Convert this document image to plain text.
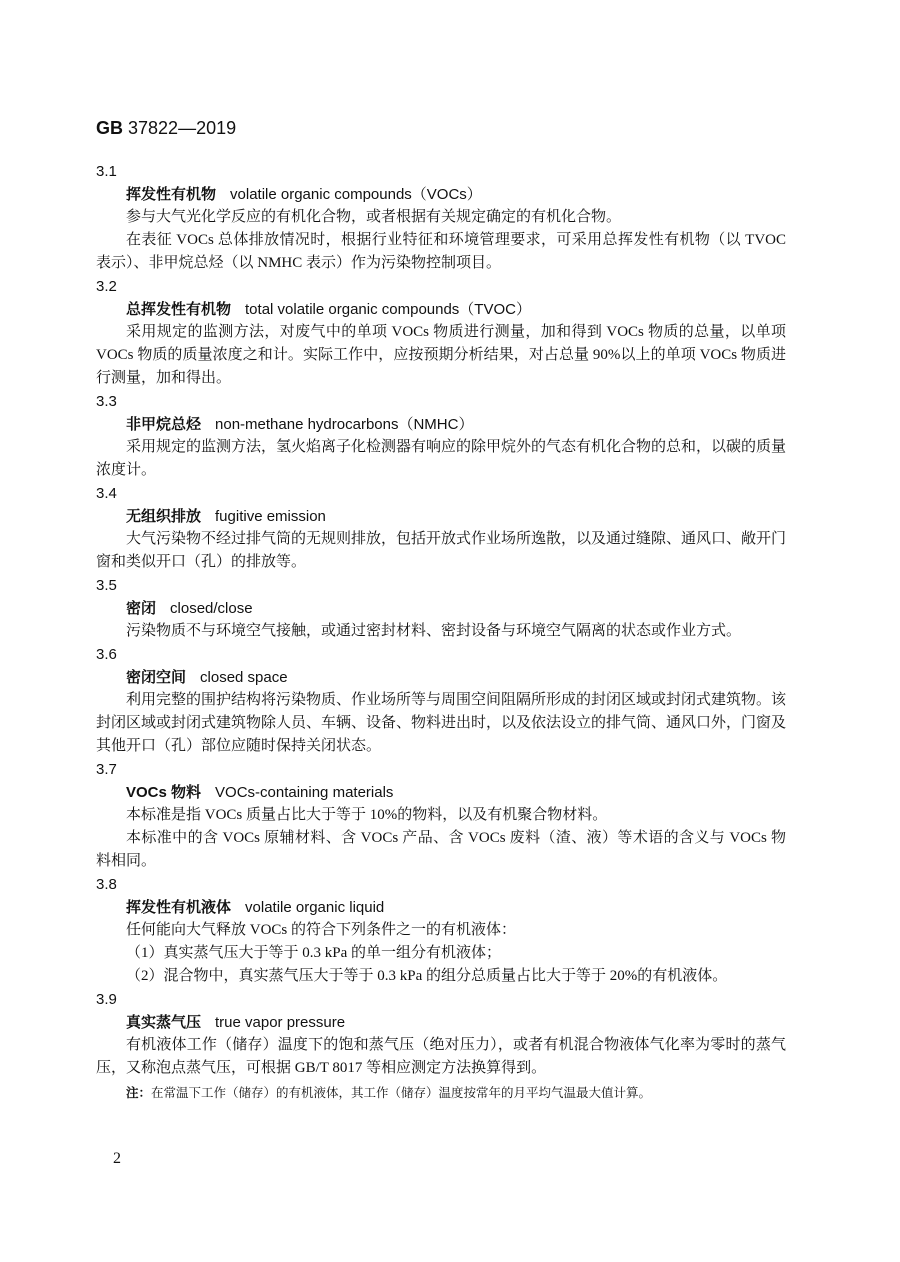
GB 37822—2019
3.1
挥发性有机物 volatile organic compounds（VOCs）
参与大气光化学反应的有机化合物，或者根据有关规定确定的有机化合物。
在表征 VOCs 总体排放情况时，根据行业特征和环境管理要求，可采用总挥发性有机物（以 TVOC 表示）、非甲烷总烃（以 NMHC 表示）作为污染物控制项目。
3.2
总挥发性有机物 total volatile organic compounds（TVOC）
采用规定的监测方法，对废气中的单项 VOCs 物质进行测量，加和得到 VOCs 物质的总量，以单项 VOCs 物质的质量浓度之和计。实际工作中，应按预期分析结果，对占总量 90%以上的单项 VOCs 物质进行测量，加和得出。
3.3
非甲烷总烃 non-methane hydrocarbons（NMHC）
采用规定的监测方法，氢火焰离子化检测器有响应的除甲烷外的气态有机化合物的总和，以碳的质量浓度计。
3.4
无组织排放 fugitive emission
大气污染物不经过排气筒的无规则排放，包括开放式作业场所逸散，以及通过缝隙、通风口、敞开门窗和类似开口（孔）的排放等。
3.5
密闭 closed/close
污染物质不与环境空气接触，或通过密封材料、密封设备与环境空气隔离的状态或作业方式。
3.6
密闭空间 closed space
利用完整的围护结构将污染物质、作业场所等与周围空间阻隔所形成的封闭区域或封闭式建筑物。该封闭区域或封闭式建筑物除人员、车辆、设备、物料进出时，以及依法设立的排气筒、通风口外，门窗及其他开口（孔）部位应随时保持关闭状态。
3.7
VOCs 物料 VOCs-containing materials
本标准是指 VOCs 质量占比大于等于 10%的物料，以及有机聚合物材料。
本标准中的含 VOCs 原辅材料、含 VOCs 产品、含 VOCs 废料（渣、液）等术语的含义与 VOCs 物料相同。
3.8
挥发性有机液体 volatile organic liquid
任何能向大气释放 VOCs 的符合下列条件之一的有机液体：
（1）真实蒸气压大于等于 0.3 kPa 的单一组分有机液体；
（2）混合物中，真实蒸气压大于等于 0.3 kPa 的组分总质量占比大于等于 20%的有机液体。
3.9
真实蒸气压 true vapor pressure
有机液体工作（储存）温度下的饱和蒸气压（绝对压力），或者有机混合物液体气化率为零时的蒸气压，又称泡点蒸气压，可根据 GB/T 8017 等相应测定方法换算得到。
注：在常温下工作（储存）的有机液体，其工作（储存）温度按常年的月平均气温最大值计算。
2
